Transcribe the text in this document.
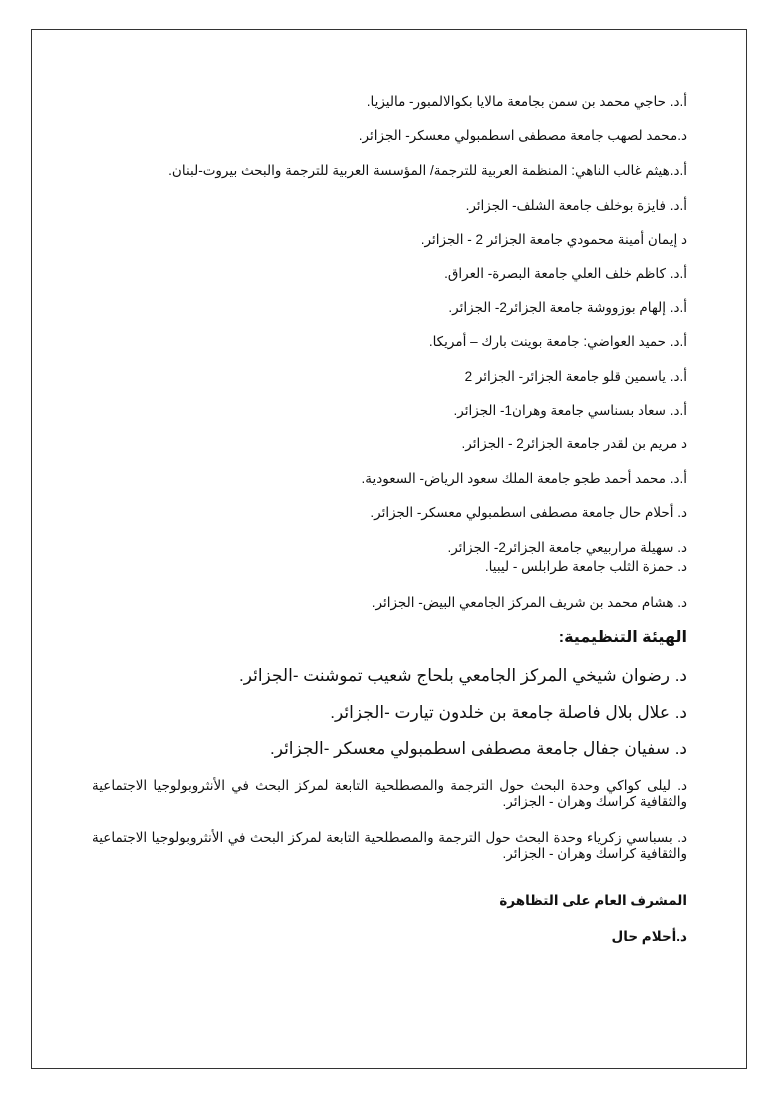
أ.د. حاجي محمد بن سمن بجامعة مالايا بكوالالمبور- ماليزيا.
د.محمد لصهب جامعة مصطفى اسطمبولي معسكر- الجزائر.
أ.د.هيثم غالب الناهي: المنظمة العربية للترجمة/ المؤسسة العربية للترجمة والبحث بيروت-لبنان.
أ.د. فايزة بوخلف جامعة الشلف- الجزائر.
د إيمان أمينة محمودي جامعة الجزائر 2 - الجزائر.
أ.د. كاظم خلف العلي جامعة البصرة- العراق.
أ.د. إلهام بوزووشة جامعة الجزائر2- الجزائر.
أ.د. حميد العواضي: جامعة بوينت بارك – أمريكا.
أ.د. ياسمين قلو جامعة الجزائر- الجزائر 2
أ.د. سعاد بسناسي جامعة وهران1- الجزائر.
د مريم بن لقدر جامعة الجزائر2 - الجزائر.
أ.د. محمد أحمد طجو جامعة الملك سعود الرياض- السعودية.
د. أحلام حال جامعة مصطفى اسطمبولي معسكر- الجزائر.
د. سهيلة مراربيعي جامعة الجزائر2- الجزائر.
د. حمزة الثلب جامعة طرابلس - ليبيا.
د. هشام محمد بن شريف المركز الجامعي البيض- الجزائر.
الهيئة التنظيمية:
د. رضوان شيخي المركز الجامعي بلحاج شعيب تموشنت -الجزائر.
د. علال بلال فاصلة جامعة بن خلدون تيارت -الجزائر.
د. سفيان جفال جامعة مصطفى اسطمبولي معسكر -الجزائر.
د. ليلى كواكي وحدة البحث حول الترجمة والمصطلحية التابعة لمركز البحث في الأنثروبولوجيا الاجتماعية والثقافية كراسك وهران - الجزائر.
د. بسباسي زكرياء وحدة البحث حول الترجمة والمصطلحية التابعة لمركز البحث في الأنثروبولوجيا الاجتماعية والثقافية كراسك وهران - الجزائر.
المشرف العام على التظاهرة
د.أحلام حال
